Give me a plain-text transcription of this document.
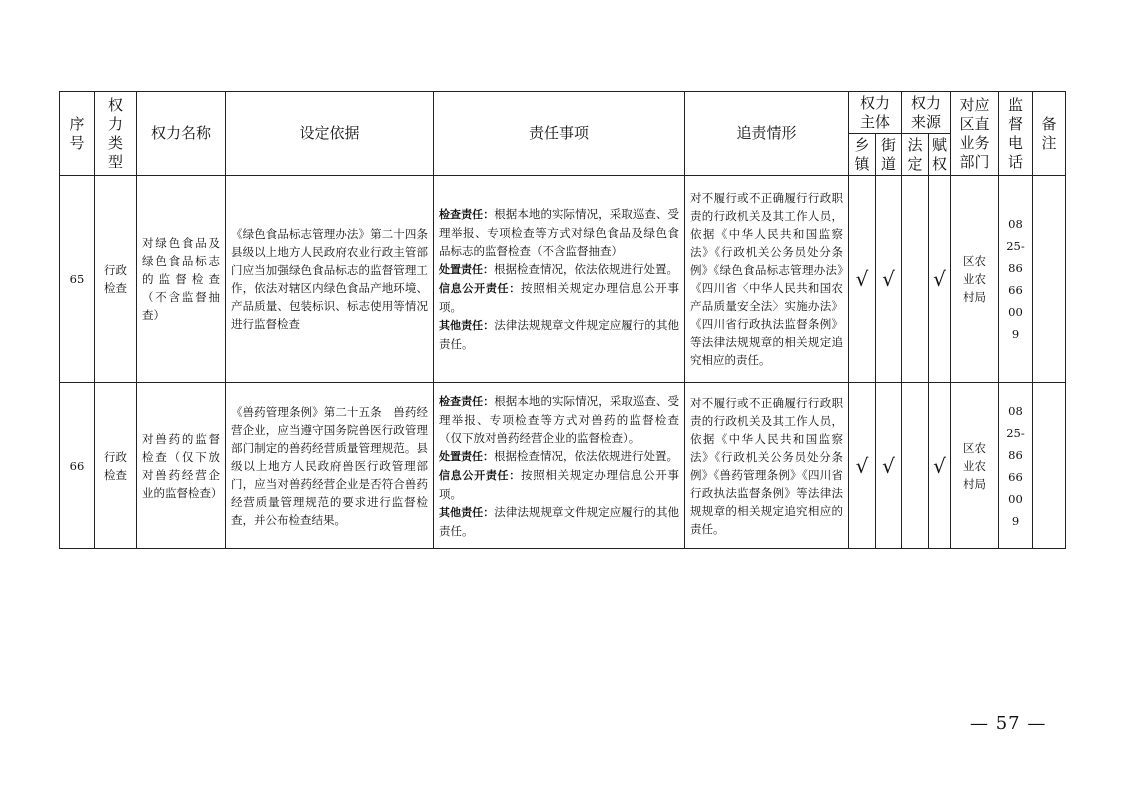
序号	权力类型	权力名称	设定依据	责任事项	追责情形	权力主体		权力来源		对应区直业务部门	监督电话	备注
						乡镇	街道	法定	赋权			
65	行政检查	对绿色食品及绿色食品标志的监督检查（不含监督抽查）	《绿色食品标志管理办法》第二十四条 县级以上地方人民政府农业行政主管部门应当加强绿色食品标志的监督管理工作，依法对辖区内绿色食品产地环境、产品质量、包装标识、标志使用等情况进行监督检查	检查责任：根据本地的实际情况，采取巡查、受理举报、专项检查等方式对绿色食品及绿色食品标志的监督检查（不含监督抽查）
处置责任：根据检查情况，依法依规进行处置。
信息公开责任：按照相关规定办理信息公开事项。
其他责任：法律法规规章文件规定应履行的其他责任。	对不履行或不正确履行行政职责的行政机关及其工作人员，依据《中华人民共和国监察法》《行政机关公务员处分条例》《绿色食品标志管理办法》《四川省〈中华人民共和国农产品质量安全法〉实施办法》《四川省行政执法监督条例》等法律法规规章的相关规定追究相应的责任。	√	√		√	区农业农村局	0825-8666009	
66	行政检查	对兽药的监督检查（仅下放对兽药经营企业的监督检查）	《兽药管理条例》第二十五条　兽药经营企业，应当遵守国务院兽医行政管理部门制定的兽药经营质量管理规范。县级以上地方人民政府兽医行政管理部门，应当对兽药经营企业是否符合兽药经营质量管理规范的要求进行监督检查，并公布检查结果。	检查责任：根据本地的实际情况，采取巡查、受理举报、专项检查等方式对兽药的监督检查（仅下放对兽药经营企业的监督检查）。
处置责任：根据检查情况，依法依规进行处置。
信息公开责任：按照相关规定办理信息公开事项。
其他责任：法律法规规章文件规定应履行的其他责任。	对不履行或不正确履行行政职责的行政机关及其工作人员，依据《中华人民共和国监察法》《行政机关公务员处分条例》《兽药管理条例》《四川省行政执法监督条例》等法律法规规章的相关规定追究相应的责任。	√	√		√	区农业农村局	0825-8666009	
— 57 —
